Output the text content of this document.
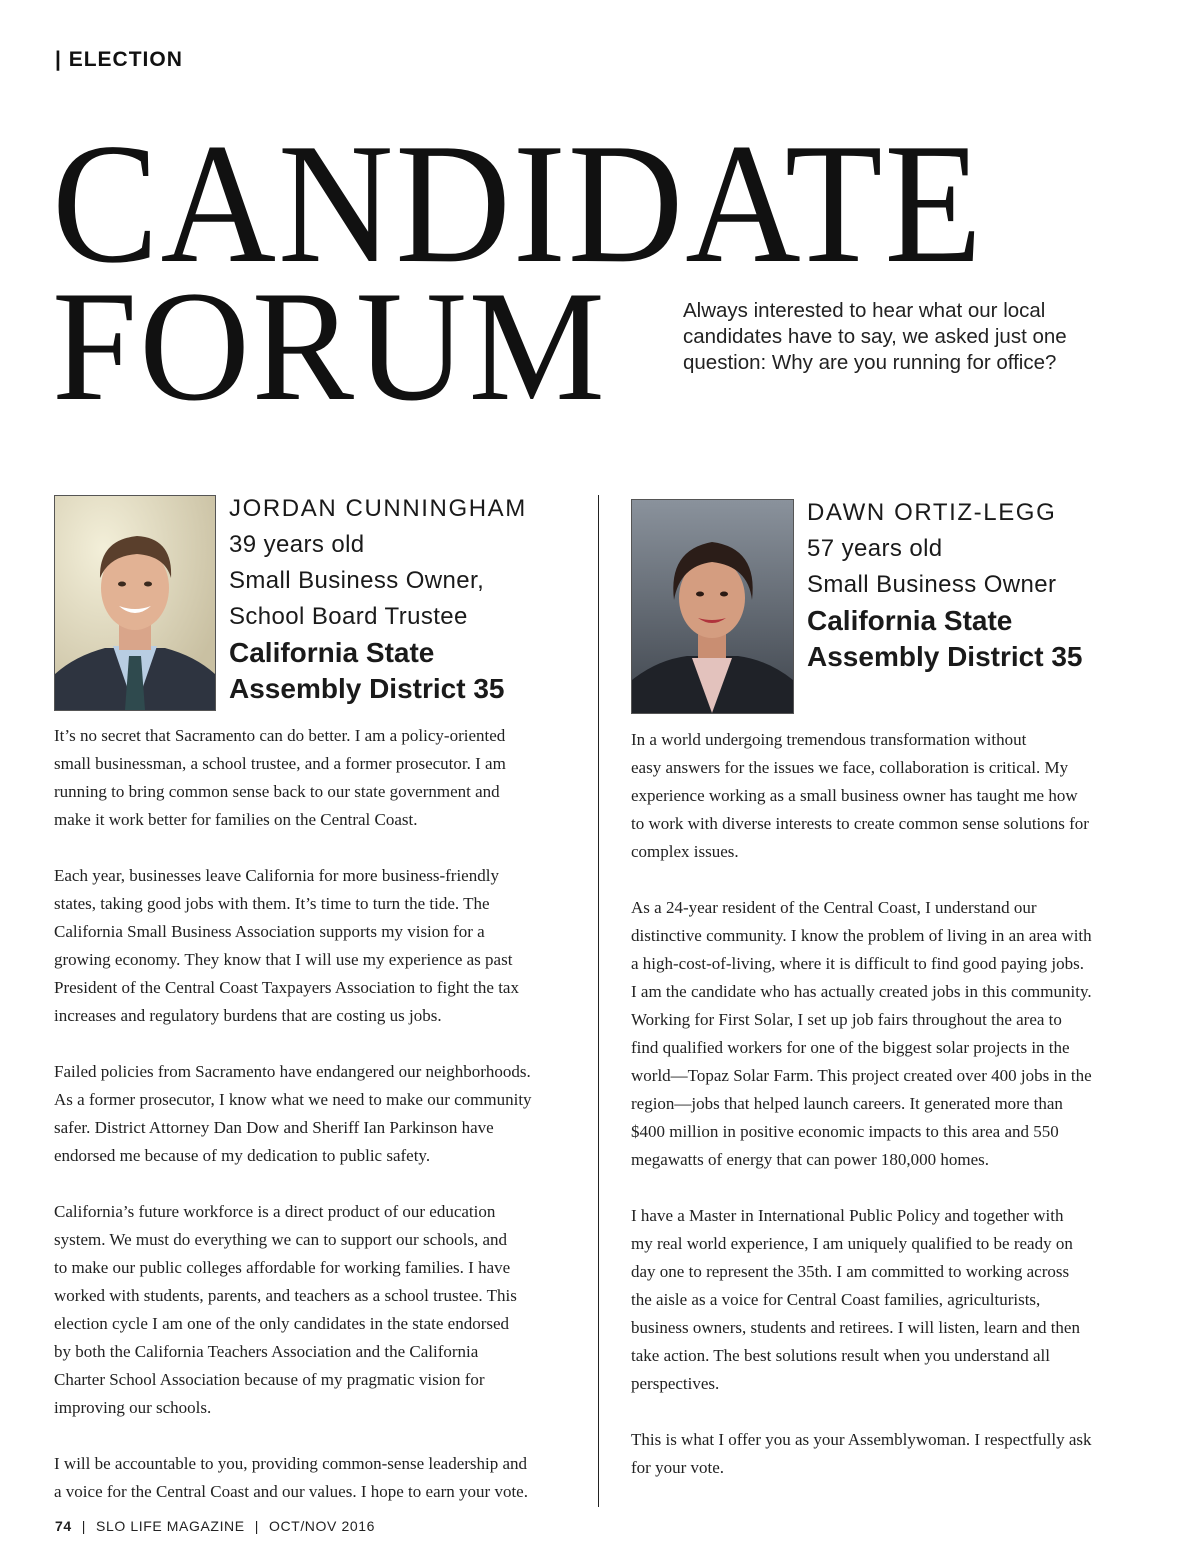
| ELECTION
CANDIDATE
FORUM	Always interested to hear what our local
candidates have to say, we asked just one
question: Why are you running for office?

JORDAN CUNNINGHAM
39 years old
Small Business Owner,
School Board Trustee
California State
Assembly District 35
DAWN ORTIZ-LEGG
57 years old
Small Business Owner
California State
Assembly District 35

It’s no secret that Sacramento can do better. I am a policy-oriented
small businessman, a school trustee, and a former prosecutor. I am
running to bring common sense back to our state government and
make it work better for families on the Central Coast.

Each year, businesses leave California for more business-friendly
states, taking good jobs with them. It’s time to turn the tide. The
California Small Business Association supports my vision for a
growing economy. They know that I will use my experience as past
President of the Central Coast Taxpayers Association to fight the tax
increases and regulatory burdens that are costing us jobs.

Failed policies from Sacramento have endangered our neighborhoods.
As a former prosecutor, I know what we need to make our community
safer. District Attorney Dan Dow and Sheriff Ian Parkinson have
endorsed me because of my dedication to public safety.

California’s future workforce is a direct product of our education
system. We must do everything we can to support our schools, and
to make our public colleges affordable for working families. I have
worked with students, parents, and teachers as a school trustee. This
election cycle I am one of the only candidates in the state endorsed
by both the California Teachers Association and the California
Charter School Association because of my pragmatic vision for
improving our schools.

I will be accountable to you, providing common-sense leadership and
a voice for the Central Coast and our values. I hope to earn your vote.

In a world undergoing tremendous transformation without
easy answers for the issues we face, collaboration is critical. My
experience working as a small business owner has taught me how
to work with diverse interests to create common sense solutions for
complex issues.

As a 24-year resident of the Central Coast, I understand our
distinctive community. I know the problem of living in an area with
a high-cost-of-living, where it is difficult to find good paying jobs.
I am the candidate who has actually created jobs in this community.
Working for First Solar, I set up job fairs throughout the area to
find qualified workers for one of the biggest solar projects in the
world—Topaz Solar Farm. This project created over 400 jobs in the
region—jobs that helped launch careers. It generated more than
$400 million in positive economic impacts to this area and 550
megawatts of energy that can power 180,000 homes.

I have a Master in International Public Policy and together with
my real world experience, I am uniquely qualified to be ready on
day one to represent the 35th. I am committed to working across
the aisle as a voice for Central Coast families, agriculturists,
business owners, students and retirees. I will listen, learn and then
take action. The best solutions result when you understand all
perspectives.

This is what I offer you as your Assemblywoman. I respectfully ask
for your vote.

74 | SLO LIFE MAGAZINE | OCT/NOV 2016
